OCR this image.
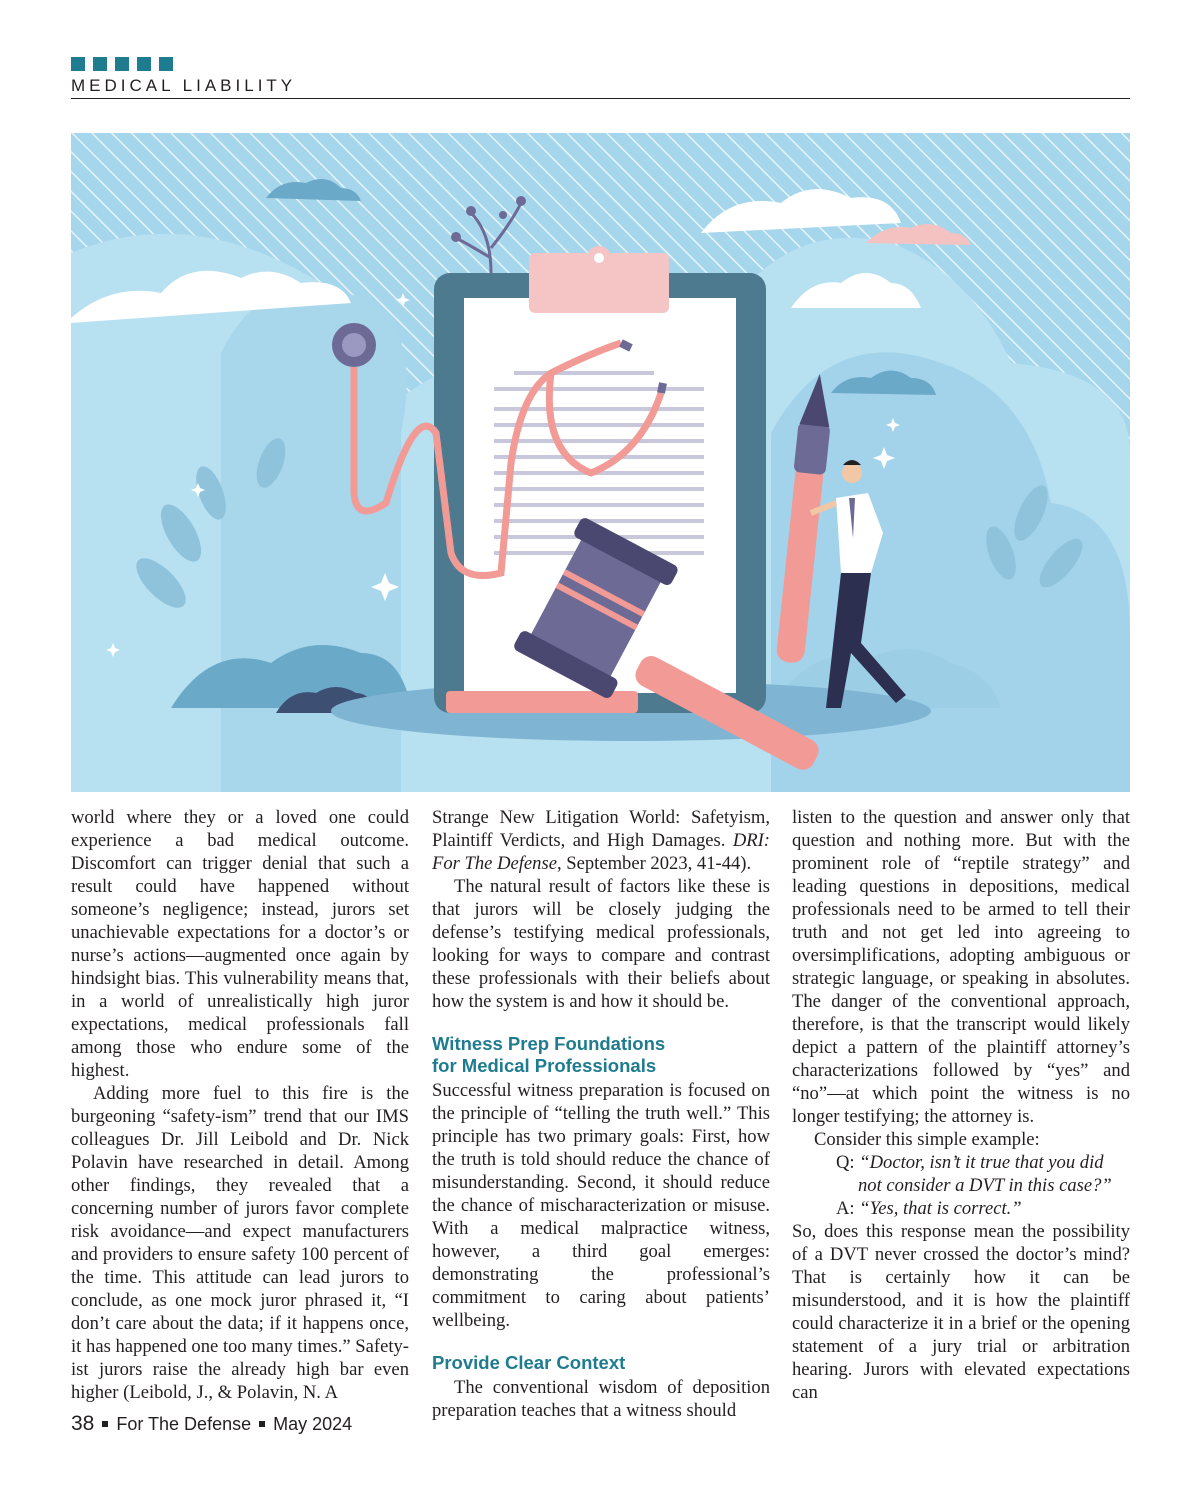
MEDICAL LIABILITY

world where they or a loved one could experience a bad medical outcome. Discomfort can trigger denial that such a result could have happened without someone’s negligence; instead, jurors set unachievable expectations for a doctor’s or nurse’s actions—augmented once again by hindsight bias. This vulnerability means that, in a world of unrealistically high juror expectations, medical professionals fall among those who endure some of the highest.

Adding more fuel to this fire is the burgeoning “safety-ism” trend that our IMS colleagues Dr. Jill Leibold and Dr. Nick Polavin have researched in detail. Among other findings, they revealed that a concerning number of jurors favor complete risk avoidance—and expect manufacturers and providers to ensure safety 100 percent of the time. This attitude can lead jurors to conclude, as one mock juror phrased it, “I don’t care about the data; if it happens once, it has happened one too many times.” Safety-ist jurors raise the already high bar even higher (Leibold, J., & Polavin, N. A

Strange New Litigation World: Safetyism, Plaintiff Verdicts, and High Damages. DRI: For The Defense, September 2023, 41-44).

The natural result of factors like these is that jurors will be closely judging the defense’s testifying medical professionals, looking for ways to compare and contrast these professionals with their beliefs about how the system is and how it should be.

Witness Prep Foundations
for Medical Professionals

Successful witness preparation is focused on the principle of “telling the truth well.” This principle has two primary goals: First, how the truth is told should reduce the chance of misunderstanding. Second, it should reduce the chance of mischaracterization or misuse. With a medical malpractice witness, however, a third goal emerges: demonstrating the professional’s commitment to caring about patients’ wellbeing.

Provide Clear Context

The conventional wisdom of deposition preparation teaches that a witness should

listen to the question and answer only that question and nothing more. But with the prominent role of “reptile strategy” and leading questions in depositions, medical professionals need to be armed to tell their truth and not get led into agreeing to oversimplifications, adopting ambiguous or strategic language, or speaking in absolutes. The danger of the conventional approach, therefore, is that the transcript would likely depict a pattern of the plaintiff attorney’s characterizations followed by “yes” and “no”—at which point the witness is no longer testifying; the attorney is.

Consider this simple example:

Q: “Doctor, isn’t it true that you did
not consider a DVT in this case?”
A: “Yes, that is correct.”

So, does this response mean the possibility of a DVT never crossed the doctor’s mind? That is certainly how it can be misunderstood, and it is how the plaintiff could characterize it in a brief or the opening statement of a jury trial or arbitration hearing. Jurors with elevated expectations can

38 For The Defense May 2024
